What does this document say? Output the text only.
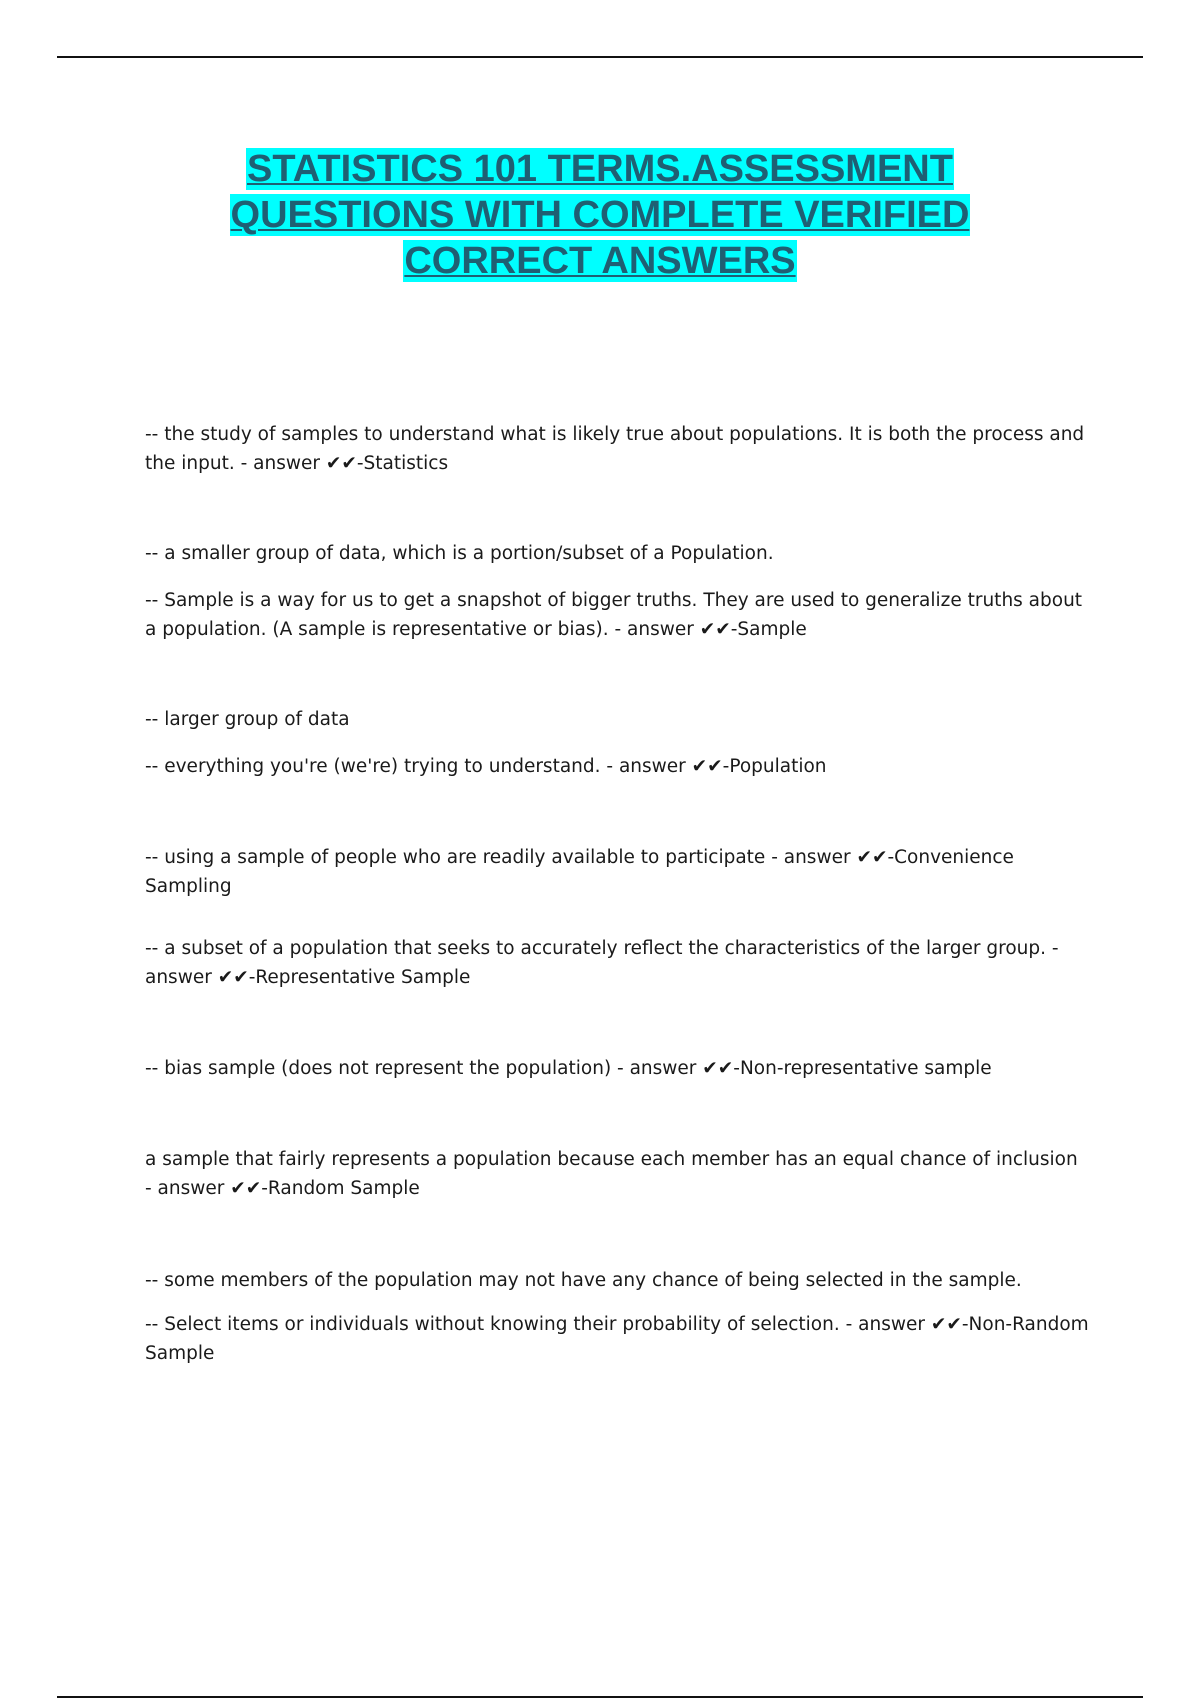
STATISTICS 101 TERMS.ASSESSMENT
QUESTIONS WITH COMPLETE VERIFIED
CORRECT ANSWERS

-- the study of samples to understand what is likely true about populations. It is both the process and the input. - answer ✔✔-Statistics

-- a smaller group of data, which is a portion/subset of a Population.

-- Sample is a way for us to get a snapshot of bigger truths. They are used to generalize truths about a population. (A sample is representative or bias). - answer ✔✔-Sample

-- larger group of data

-- everything you're (we're) trying to understand. - answer ✔✔-Population

-- using a sample of people who are readily available to participate - answer ✔✔-Convenience Sampling

-- a subset of a population that seeks to accurately reflect the characteristics of the larger group. - answer ✔✔-Representative Sample

-- bias sample (does not represent the population) - answer ✔✔-Non-representative sample

a sample that fairly represents a population because each member has an equal chance of inclusion - answer ✔✔-Random Sample

-- some members of the population may not have any chance of being selected in the sample.

-- Select items or individuals without knowing their probability of selection. - answer ✔✔-Non-Random Sample
